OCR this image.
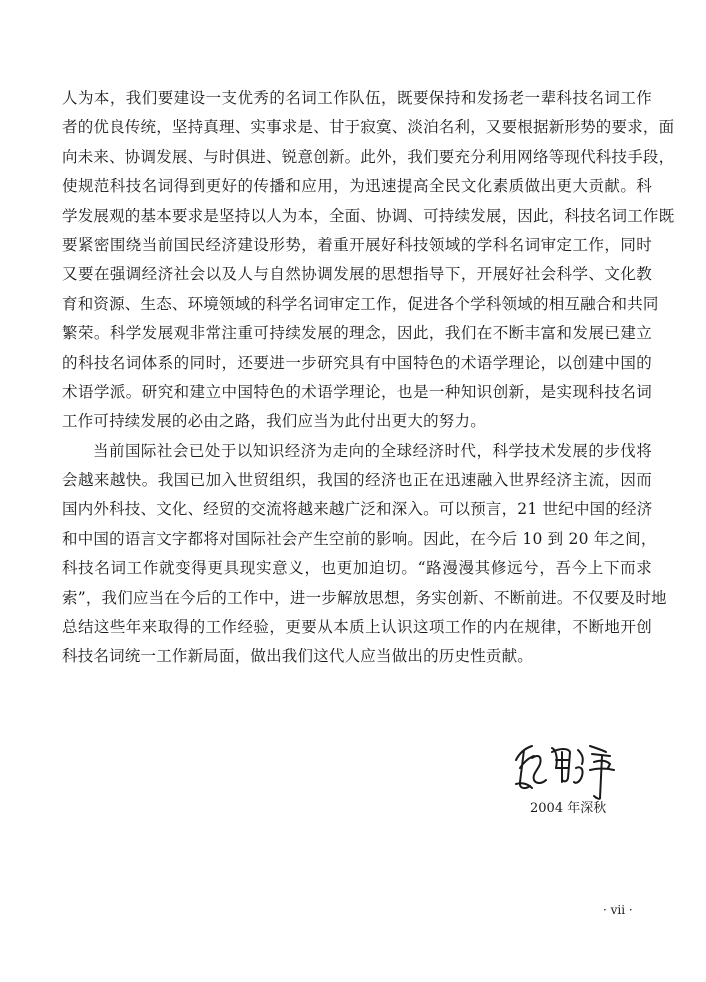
人为本，我们要建设一支优秀的名词工作队伍，既要保持和发扬老一辈科技名词工作
者的优良传统，坚持真理、实事求是、甘于寂寞、淡泊名利，又要根据新形势的要求，面
向未来、协调发展、与时俱进、锐意创新。此外，我们要充分利用网络等现代科技手段，
使规范科技名词得到更好的传播和应用，为迅速提高全民文化素质做出更大贡献。科
学发展观的基本要求是坚持以人为本，全面、协调、可持续发展，因此，科技名词工作既
要紧密围绕当前国民经济建设形势，着重开展好科技领域的学科名词审定工作，同时
又要在强调经济社会以及人与自然协调发展的思想指导下，开展好社会科学、文化教
育和资源、生态、环境领域的科学名词审定工作，促进各个学科领域的相互融合和共同
繁荣。科学发展观非常注重可持续发展的理念，因此，我们在不断丰富和发展已建立
的科技名词体系的同时，还要进一步研究具有中国特色的术语学理论，以创建中国的
术语学派。研究和建立中国特色的术语学理论，也是一种知识创新，是实现科技名词
工作可持续发展的必由之路，我们应当为此付出更大的努力。
当前国际社会已处于以知识经济为走向的全球经济时代，科学技术发展的步伐将
会越来越快。我国已加入世贸组织，我国的经济也正在迅速融入世界经济主流，因而
国内外科技、文化、经贸的交流将越来越广泛和深入。可以预言，21 世纪中国的经济
和中国的语言文字都将对国际社会产生空前的影响。因此，在今后 10 到 20 年之间，
科技名词工作就变得更具现实意义，也更加迫切。“路漫漫其修远兮，吾今上下而求
索”，我们应当在今后的工作中，进一步解放思想，务实创新、不断前进。不仅要及时地
总结这些年来取得的工作经验，更要从本质上认识这项工作的内在规律，不断地开创
科技名词统一工作新局面，做出我们这代人应当做出的历史性贡献。
2004 年深秋
· vii ·
